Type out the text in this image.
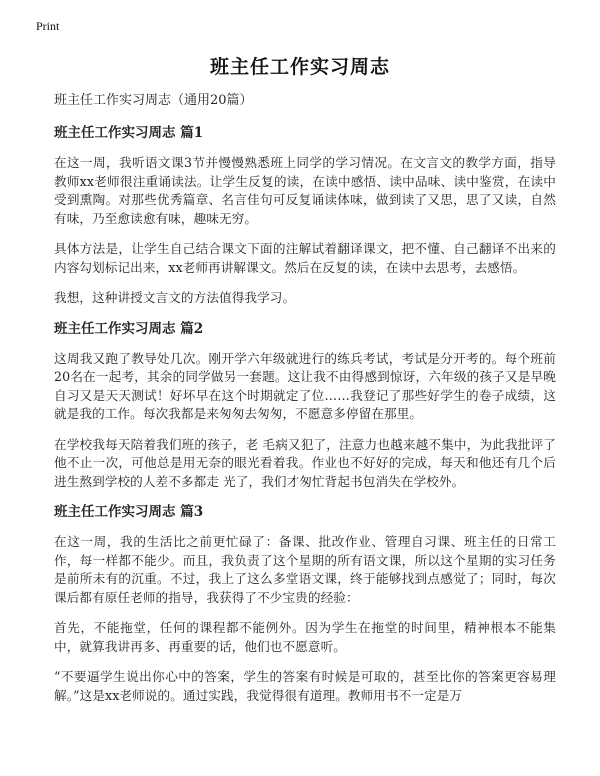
Print
班主任工作实习周志
班主任工作实习周志（通用20篇）
班主任工作实习周志 篇1

在这一周，我听语文课3节并慢慢熟悉班上同学的学习情况。在文言文的教学方面，指导教师xx老师很注重诵读法。让学生反复的读，在读中感悟、读中品味、读中鉴赏，在读中受到熏陶。对那些优秀篇章、名言佳句可反复诵读体味，做到读了又思，思了又读，自然有味，乃至愈读愈有味，趣味无穷。

具体方法是，让学生自己结合课文下面的注解试着翻译课文，把不懂、自己翻译不出来的内容勾划标记出来，xx老师再讲解课文。然后在反复的读，在读中去思考，去感悟。

我想，这种讲授文言文的方法值得我学习。

班主任工作实习周志 篇2

这周我又跑了教导处几次。刚开学六年级就进行的练兵考试，考试是分开考的。每个班前20名在一起考，其余的同学做另一套题。这让我不由得感到惊讶，六年级的孩子又是早晚自习又是天天测试！好坏早在这个时期就定了位……我登记了那些好学生的卷子成绩，这就是我的工作。每次我都是来匆匆去匆匆，不愿意多停留在那里。

在学校我每天陪着我们班的孩子，老 毛病又犯了，注意力也越来越不集中，为此我批评了他不止一次，可他总是用无奈的眼光看着我。作业也不好好的完成，每天和他还有几个后进生熬到学校的人差不多都走 光了，我们才匆忙背起书包消失在学校外。

班主任工作实习周志 篇3

在这一周，我的生活比之前更忙碌了：备课、批改作业、管理自习课、班主任的日常工作，每一样都不能少。而且，我负责了这个星期的所有语文课，所以这个星期的实习任务是前所未有的沉重。不过，我上了这么多堂语文课，终于能够找到点感觉了；同时，每次课后都有原任老师的指导，我获得了不少宝贵的经验：

首先，不能拖堂，任何的课程都不能例外。因为学生在拖堂的时间里，精神根本不能集中，就算我讲再多、再重要的话，他们也不愿意听。

“不要逼学生说出你心中的答案，学生的答案有时候是可取的，甚至比你的答案更容易理解。”这是xx老师说的。通过实践，我觉得很有道理。教师用书不一定是万
